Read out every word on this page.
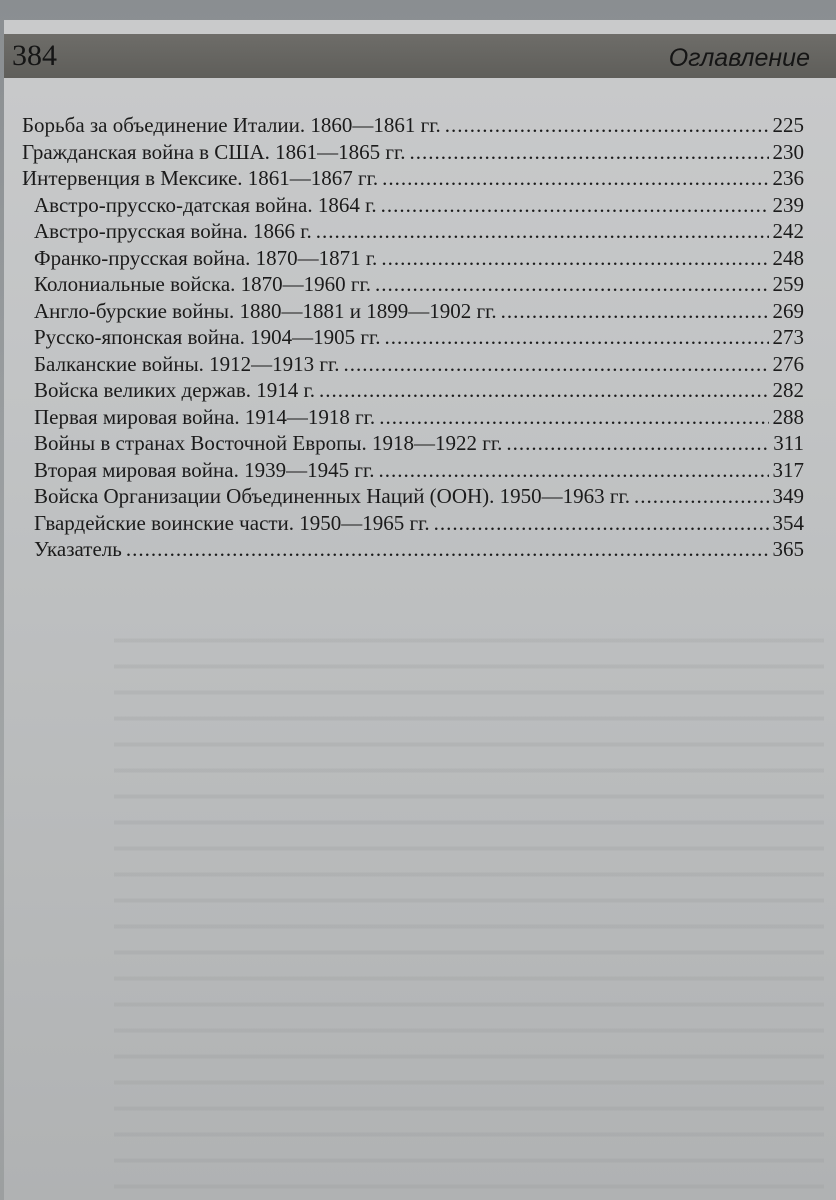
384	Оглавление
Борьба за объединение Италии. 1860—1861 гг. .....	225
Гражданская война в США. 1861—1865 гг. .....	230
Интервенция в Мексике. 1861—1867 гг. .....	236
Австро-прусско-датская война. 1864 г. .....	239
Австро-прусская война. 1866 г. .....	242
Франко-прусская война. 1870—1871 г. .....	248
Колониальные войска. 1870—1960 гг. .....	259
Англо-бурские войны. 1880—1881 и 1899—1902 гг. .....	269
Русско-японская война. 1904—1905 гг. .....	273
Балканские войны. 1912—1913 гг. .....	276
Войска великих держав. 1914 г. .....	282
Первая мировая война. 1914—1918 гг. .....	288
Войны в странах Восточной Европы. 1918—1922 гг. .....	311
Вторая мировая война. 1939—1945 гг. .....	317
Войска Организации Объединенных Наций (ООН). 1950—1963 гг. .....	349
Гвардейские воинские части. 1950—1965 гг. .....	354
Указатель .....	365
